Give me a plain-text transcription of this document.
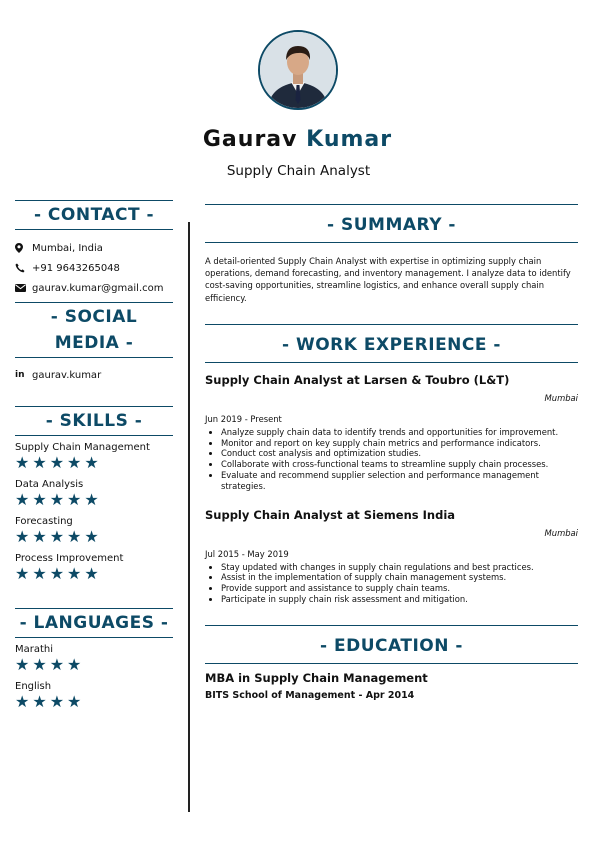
Gaurav Kumar
Supply Chain Analyst
- CONTACT -
Mumbai, India
+91 9643265048
gaurav.kumar@gmail.com
- SOCIAL
MEDIA -
in gaurav.kumar
- SKILLS -
Supply Chain Management
★★★★★
Data Analysis
★★★★★
Forecasting
★★★★★
Process Improvement
★★★★★
- LANGUAGES -
Marathi
★★★★
English
★★★★
- SUMMARY -

A detail-oriented Supply Chain Analyst with expertise in optimizing supply chain operations, demand forecasting, and inventory management. I analyze data to identify cost-saving opportunities, streamline logistics, and enhance overall supply chain efficiency.

- WORK EXPERIENCE -
Supply Chain Analyst at Larsen & Toubro (L&T)
Mumbai
Jun 2019 - Present
• Analyze supply chain data to identify trends and opportunities for improvement.
• Monitor and report on key supply chain metrics and performance indicators.
• Conduct cost analysis and optimization studies.
• Collaborate with cross-functional teams to streamline supply chain processes.
• Evaluate and recommend supplier selection and performance management strategies.
Supply Chain Analyst at Siemens India
Mumbai
Jul 2015 - May 2019
• Stay updated with changes in supply chain regulations and best practices.
• Assist in the implementation of supply chain management systems.
• Provide support and assistance to supply chain teams.
• Participate in supply chain risk assessment and mitigation.
- EDUCATION -
MBA in Supply Chain Management
BITS School of Management - Apr 2014
